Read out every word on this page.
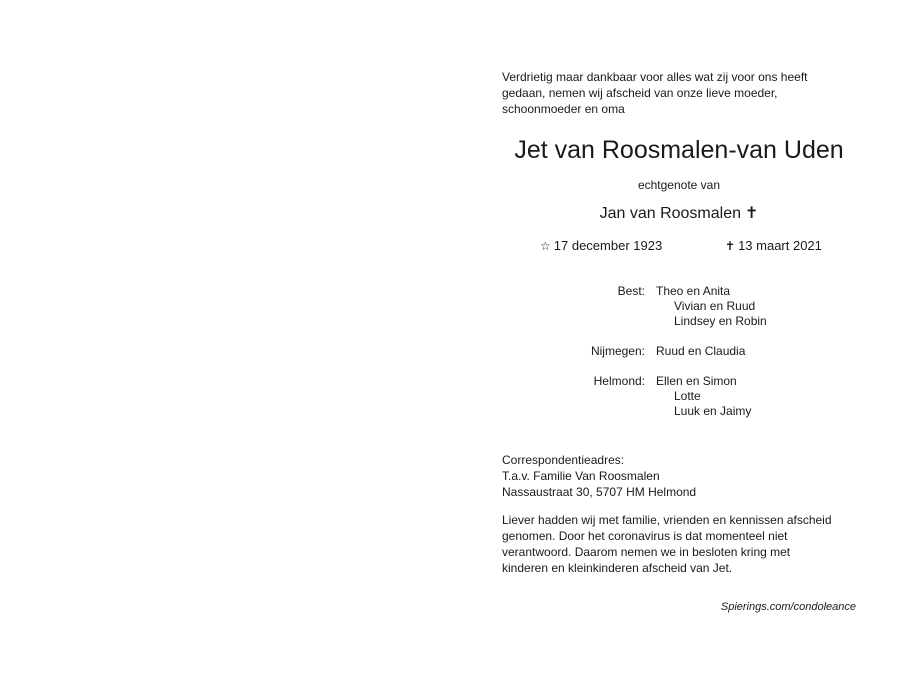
Verdrietig maar dankbaar voor alles wat zij voor ons heeft
gedaan, nemen wij afscheid van onze lieve moeder,
schoonmoeder en oma

Jet van Roosmalen-van Uden
echtgenote van
Jan van Roosmalen ✝
☆ 17 december 1923	✝ 13 maart 2021
Best: Theo en Anita
Vivian en Ruud
Lindsey en Robin
Nijmegen: Ruud en Claudia
Helmond: Ellen en Simon
Lotte
Luuk en Jaimy
Correspondentieadres:
T.a.v. Familie Van Roosmalen
Nassaustraat 30, 5707 HM Helmond
Liever hadden wij met familie, vrienden en kennissen afscheid
genomen. Door het coronavirus is dat momenteel niet
verantwoord. Daarom nemen we in besloten kring met
kinderen en kleinkinderen afscheid van Jet.
Spierings.com/condoleance
